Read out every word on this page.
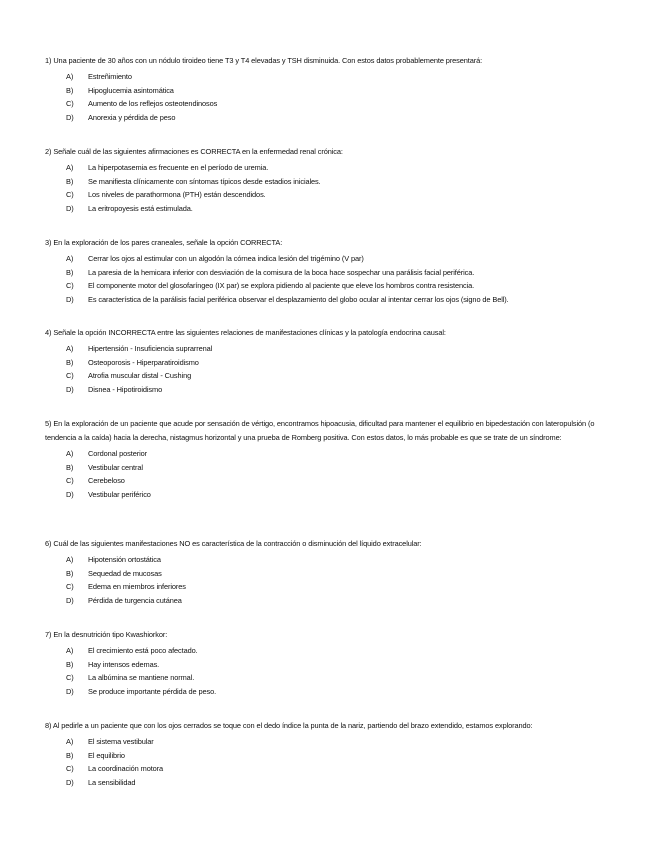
1) Una paciente de 30 años con un nódulo tiroideo tiene T3 y T4 elevadas y TSH disminuida. Con estos datos probablemente presentará:

A)	Estreñimiento
B)	Hipoglucemia asintomática
C)	Aumento de los reflejos osteotendinosos
D)	Anorexia y pérdida de peso

2) Señale cuál de las siguientes afirmaciones es CORRECTA en la enfermedad renal crónica:

A)	La hiperpotasemia es frecuente en el período de uremia.
B)	Se manifiesta clínicamente con síntomas típicos desde estadios iniciales.
C)	Los niveles de parathormona (PTH) están descendidos.
D)	La eritropoyesis está estimulada.

3) En la exploración de los pares craneales, señale la opción CORRECTA:

A)	Cerrar los ojos al estimular con un algodón la córnea indica lesión del trigémino (V par)
B)	La paresia de la hemicara inferior con desviación de la comisura de la boca hace sospechar una parálisis facial periférica.
C)	El componente motor del glosofaríngeo (IX par) se explora pidiendo al paciente que eleve los hombros contra resistencia.
D)	Es característica de la parálisis facial periférica observar el desplazamiento del globo ocular al intentar cerrar los ojos (signo de Bell).

4) Señale la opción INCORRECTA entre las siguientes relaciones de manifestaciones clínicas y la patología endocrina causal:

A)	Hipertensión - Insuficiencia suprarrenal
B)	Osteoporosis - Hiperparatiroidismo
C)	Atrofia muscular distal - Cushing
D)	Disnea - Hipotiroidismo

5) En la exploración de un paciente que acude por sensación de vértigo, encontramos hipoacusia, dificultad para mantener el equilibrio en bipedestación con lateropulsión (o tendencia a la caída) hacia la derecha, nistagmus horizontal y una prueba de Romberg positiva. Con estos datos, lo más probable es que se trate de un síndrome:

A)	Cordonal posterior
B)	Vestibular central
C)	Cerebeloso
D)	Vestibular periférico

6) Cuál de las siguientes manifestaciones NO es característica de la contracción o disminución del líquido extracelular:

A)	Hipotensión ortostática
B)	Sequedad de mucosas
C)	Edema en miembros inferiores
D)	Pérdida de turgencia cutánea

7) En la desnutrición tipo Kwashiorkor:

A)	El crecimiento está poco afectado.
B)	Hay intensos edemas.
C)	La albúmina se mantiene normal.
D)	Se produce importante pérdida de peso.

8) Al pedirle a un paciente que con los ojos cerrados se toque con el dedo índice la punta de la nariz, partiendo del brazo extendido, estamos explorando:

A)	El sistema vestibular
B)	El equilibrio
C)	La coordinación motora
D)	La sensibilidad
